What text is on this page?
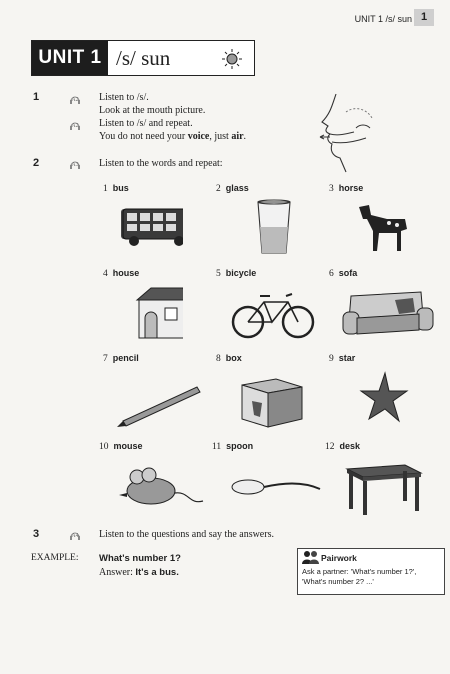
UNIT 1 /s/ sun 1
UNIT 1 /s/ sun
1	A2
A2
Listen to /s/.
Look at the mouth picture.
Listen to /s/ and repeat.
You do not need your voice, just air.
2	A3 Listen to the words and repeat:
1 bus	2 glass	3 horse
4 house	5 bicycle	6 sofa
7 pencil	8 box	9 star
10 mouse	11 spoon	12 desk
3	A4 Listen to the questions and say the answers.
EXAMPLE: What's number 1?
Answer: It's a bus.
Pairwork
Ask a partner: 'What's number 1?', 'What's number 2? ...'
